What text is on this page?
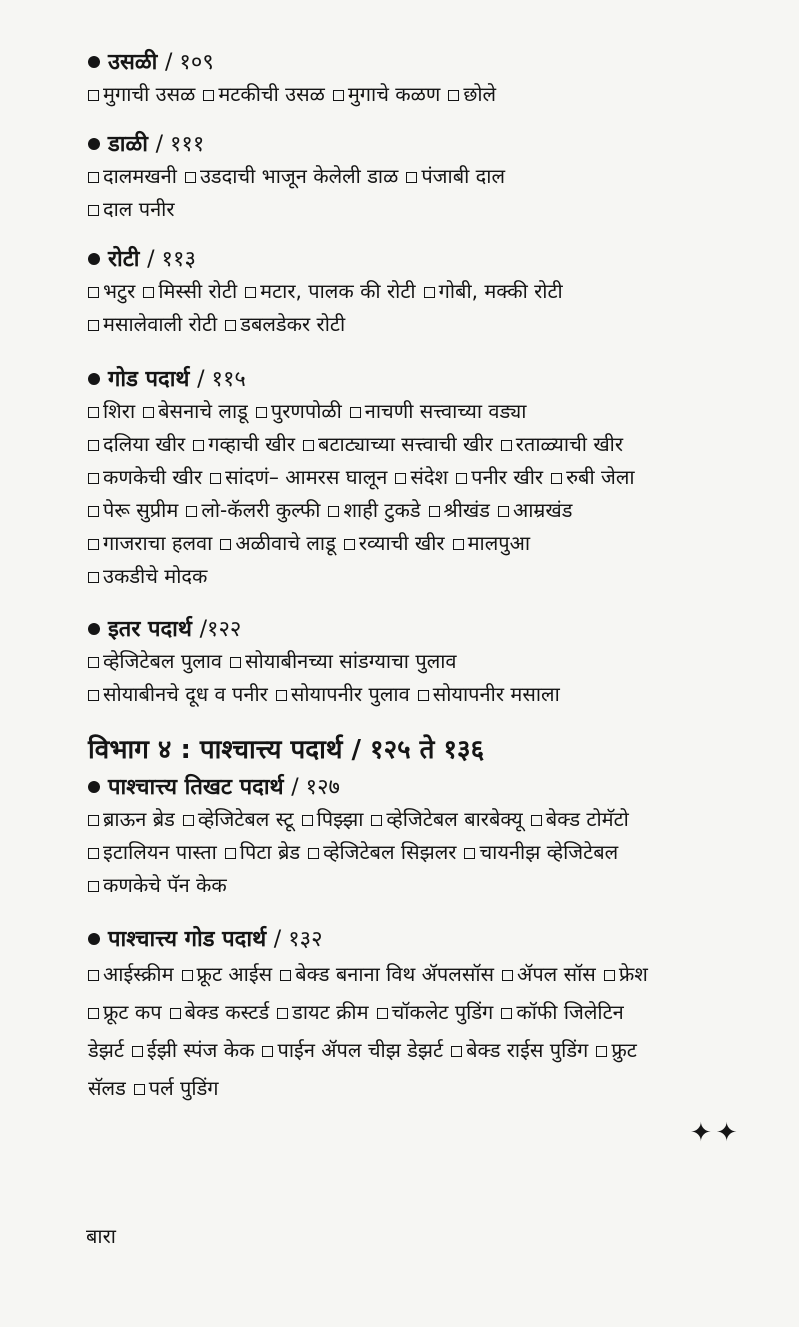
उसळी / १०९
मुगाची उसळ मटकीची उसळ मुगाचे कळण छोले
डाळी / १११
दालमखनी उडदाची भाजून केलेली डाळ पंजाबी दाल
दाल पनीर
रोटी / ११३
भटुर मिस्सी रोटी मटार, पालक की रोटी गोबी, मक्की रोटी
मसालेवाली रोटी डबलडेकर रोटी
गोड पदार्थ / ११५
शिरा बेसनाचे लाडू पुरणपोळी नाचणी सत्त्वाच्या वड्या
दलिया खीर गव्हाची खीर बटाट्याच्या सत्त्वाची खीर रताळ्याची खीर
कणकेची खीर सांदणं– आमरस घालून संदेश पनीर खीर रुबी जेला
पेरू सुप्रीम लो-कॅलरी कुल्फी शाही टुकडे श्रीखंड आम्रखंड
गाजराचा हलवा अळीवाचे लाडू रव्याची खीर मालपुआ
उकडीचे मोदक
इतर पदार्थ /१२२
व्हेजिटेबल पुलाव सोयाबीनच्या सांडग्याचा पुलाव
सोयाबीनचे दूध व पनीर सोयापनीर पुलाव सोयापनीर मसाला
विभाग ४ : पाश्चात्त्य पदार्थ / १२५ ते १३६
पाश्चात्त्य तिखट पदार्थ / १२७
ब्राऊन ब्रेड व्हेजिटेबल स्टू पिझ्झा व्हेजिटेबल बारबेक्यू बेक्ड टोमॅटो
इटालियन पास्ता पिटा ब्रेड व्हेजिटेबल सिझलर चायनीझ व्हेजिटेबल
कणकेचे पॅन केक
पाश्चात्त्य गोड पदार्थ / १३२
आईस्क्रीम फ्रूट आईस बेक्ड बनाना विथ ॲपलसॉस ॲपल सॉस फ्रेश
फ्रूट कप बेक्ड कस्टर्ड डायट क्रीम चॉकलेट पुडिंग कॉफी जिलेटिन
डेझर्ट ईझी स्पंज केक पाईन ॲपल चीझ डेझर्ट बेक्ड राईस पुडिंग फ्रुट
सॅलड पर्ल पुडिंग
✦✦
बारा
